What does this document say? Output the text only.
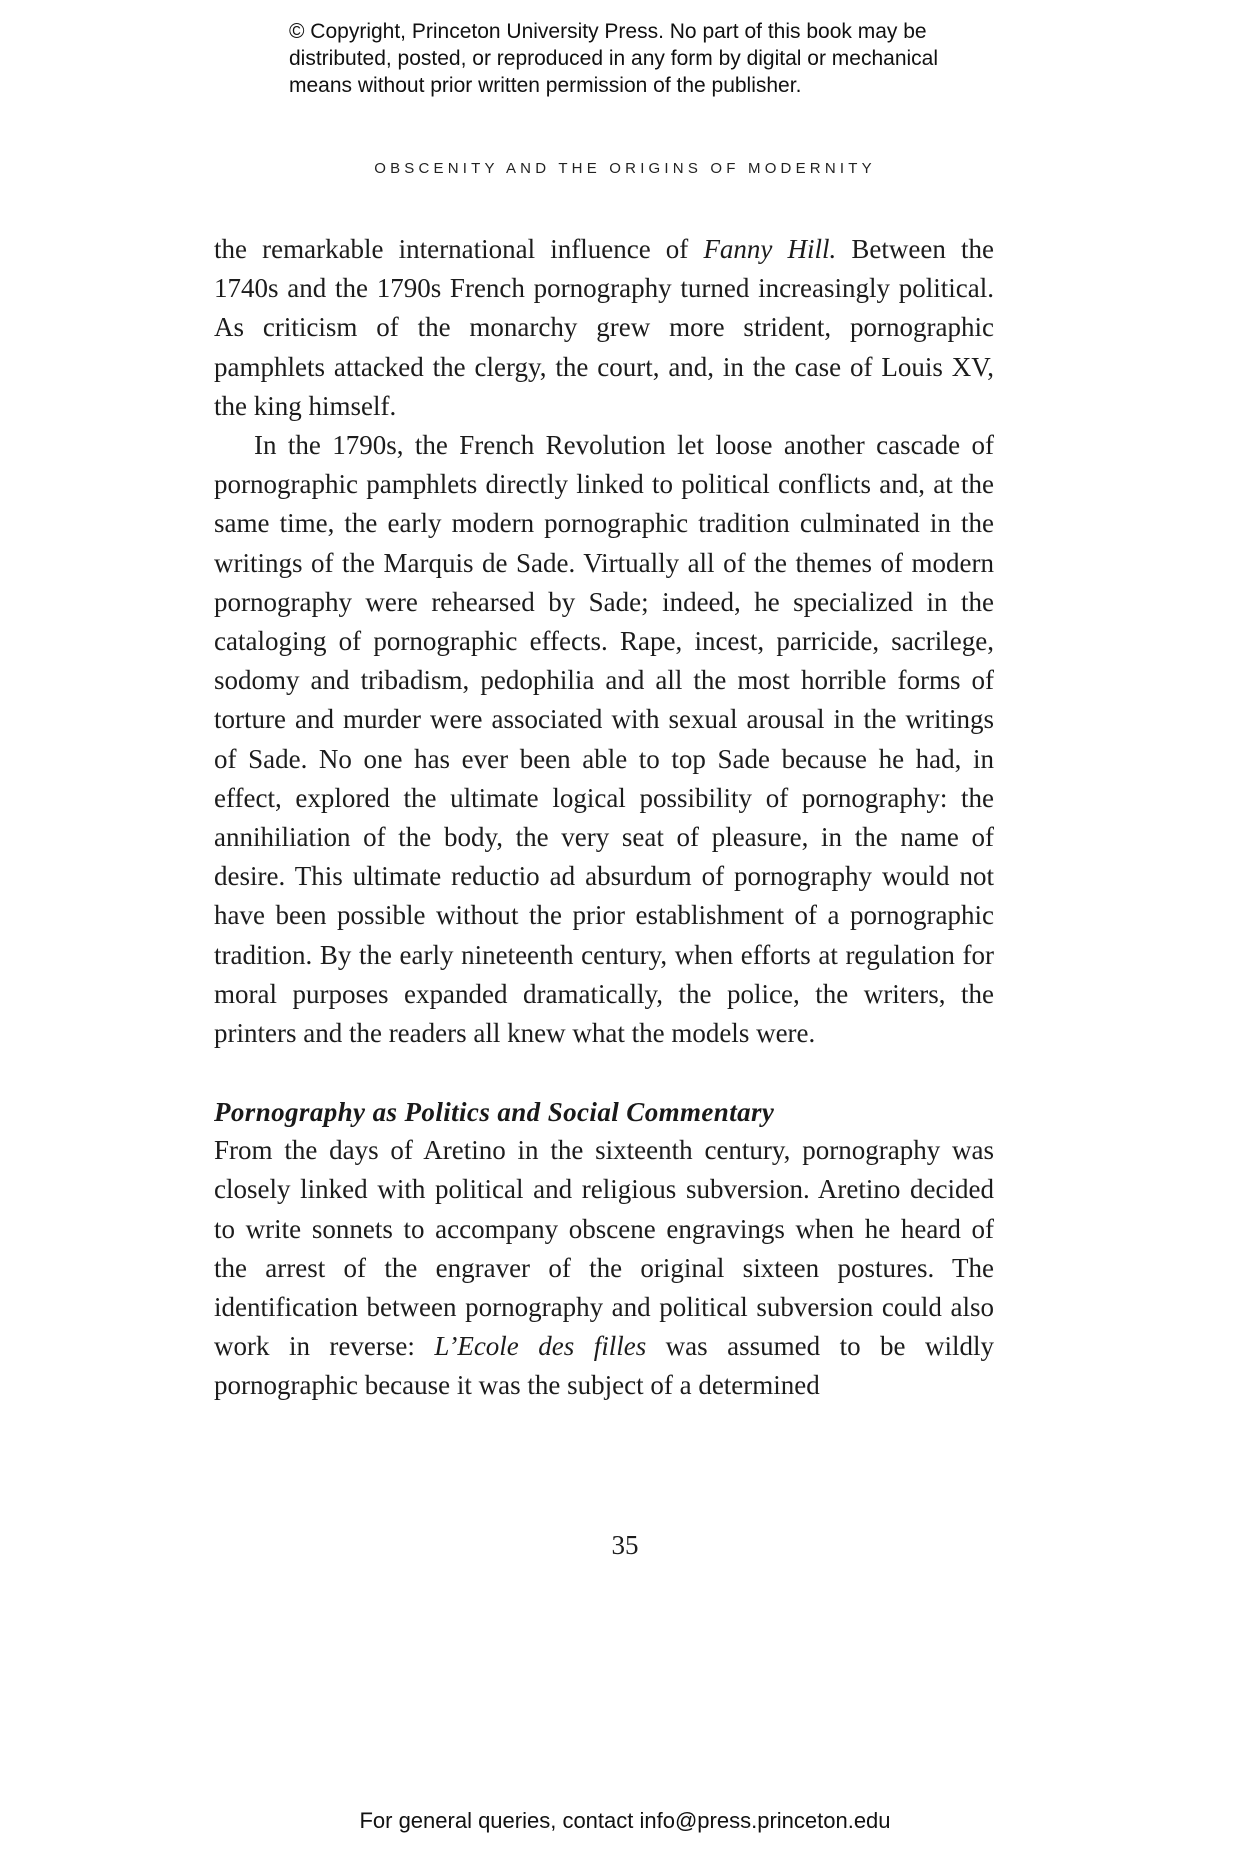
© Copyright, Princeton University Press. No part of this book may be

distributed, posted, or reproduced in any form by digital or mechanical

means without prior written permission of the publisher.

OBSCENITY AND THE ORIGINS OF MODERNITY

the remarkable international influence of Fanny Hill. Between the 1740s and the 1790s French pornography turned increasingly political. As criticism of the monarchy grew more strident, pornographic pamphlets attacked the clergy, the court, and, in the case of Louis XV, the king himself.

In the 1790s, the French Revolution let loose another cascade of pornographic pamphlets directly linked to political conflicts and, at the same time, the early modern pornographic tradition culminated in the writings of the Marquis de Sade. Virtually all of the themes of modern pornography were rehearsed by Sade; indeed, he specialized in the cataloging of pornographic effects. Rape, incest, parricide, sacrilege, sodomy and tribadism, pedophilia and all the most horrible forms of torture and murder were associated with sexual arousal in the writings of Sade. No one has ever been able to top Sade because he had, in effect, explored the ultimate logical possibility of pornography: the annihiliation of the body, the very seat of pleasure, in the name of desire. This ultimate reductio ad absurdum of pornography would not have been possible without the prior establishment of a pornographic tradition. By the early nineteenth century, when efforts at regulation for moral purposes expanded dramatically, the police, the writers, the printers and the readers all knew what the models were.

Pornography as Politics and Social Commentary

From the days of Aretino in the sixteenth century, pornography was closely linked with political and religious subversion. Aretino decided to write sonnets to accompany obscene engravings when he heard of the arrest of the engraver of the original sixteen postures. The identification between pornography and political subversion could also work in reverse: L’Ecole des filles was assumed to be wildly pornographic because it was the subject of a determined

35
For general queries, contact info@press.princeton.edu
